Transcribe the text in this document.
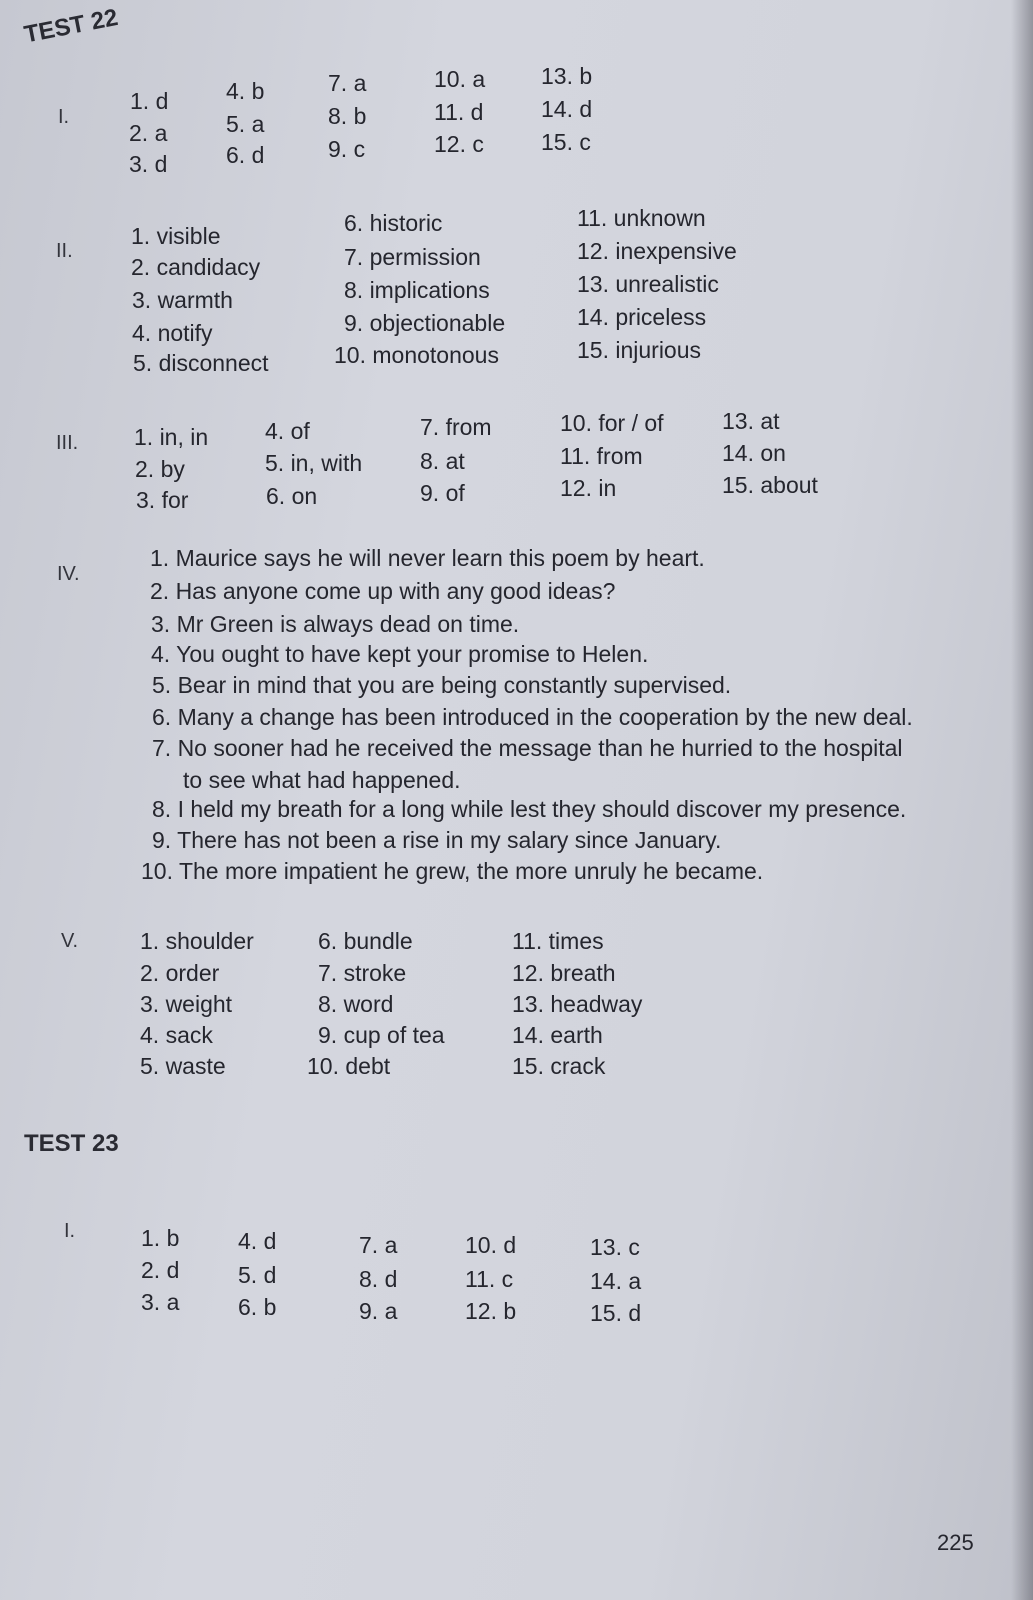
TEST 22
I.
1. d
2. a
3. d
4. b
5. a
6. d
7. a
8. b
9. c
10. a
11. d
12. c
13. b
14. d
15. c
II.
1. visible
2. candidacy
3. warmth
4. notify
5. disconnect
6. historic
7. permission
8. implications
9. objectionable
10. monotonous
11. unknown
12. inexpensive
13. unrealistic
14. priceless
15. injurious
III. 1. in, in
2. by
3. for
4. of
5. in, with
6. on
7. from
8. at
9. of
10. for / of
11. from
12. in
13. at
14. on
15. about
IV.
1. Maurice says he will never learn this poem by heart.
2. Has anyone come up with any good ideas?
3. Mr Green is always dead on time.
4. You ought to have kept your promise to Helen.
5. Bear in mind that you are being constantly supervised.
6. Many a change has been introduced in the cooperation by the new deal.
7. No sooner had he received the message than he hurried to the hospital
to see what had happened.
8. I held my breath for a long while lest they should discover my presence.
9. There has not been a rise in my salary since January.
10. The more impatient he grew, the more unruly he became.
V.	1. shoulder
2. order
3. weight
4. sack
5. waste
6. bundle
7. stroke
8. word
9. cup of tea
10. debt
11. times
12. breath
13. headway
14. earth
15. crack
TEST 23
I.	1. b
2. d
3. a
4. d
5. d
6. b
7. a
8. d
9. a
10. d
11. c
12. b
13. c
14. a
15. d
225
